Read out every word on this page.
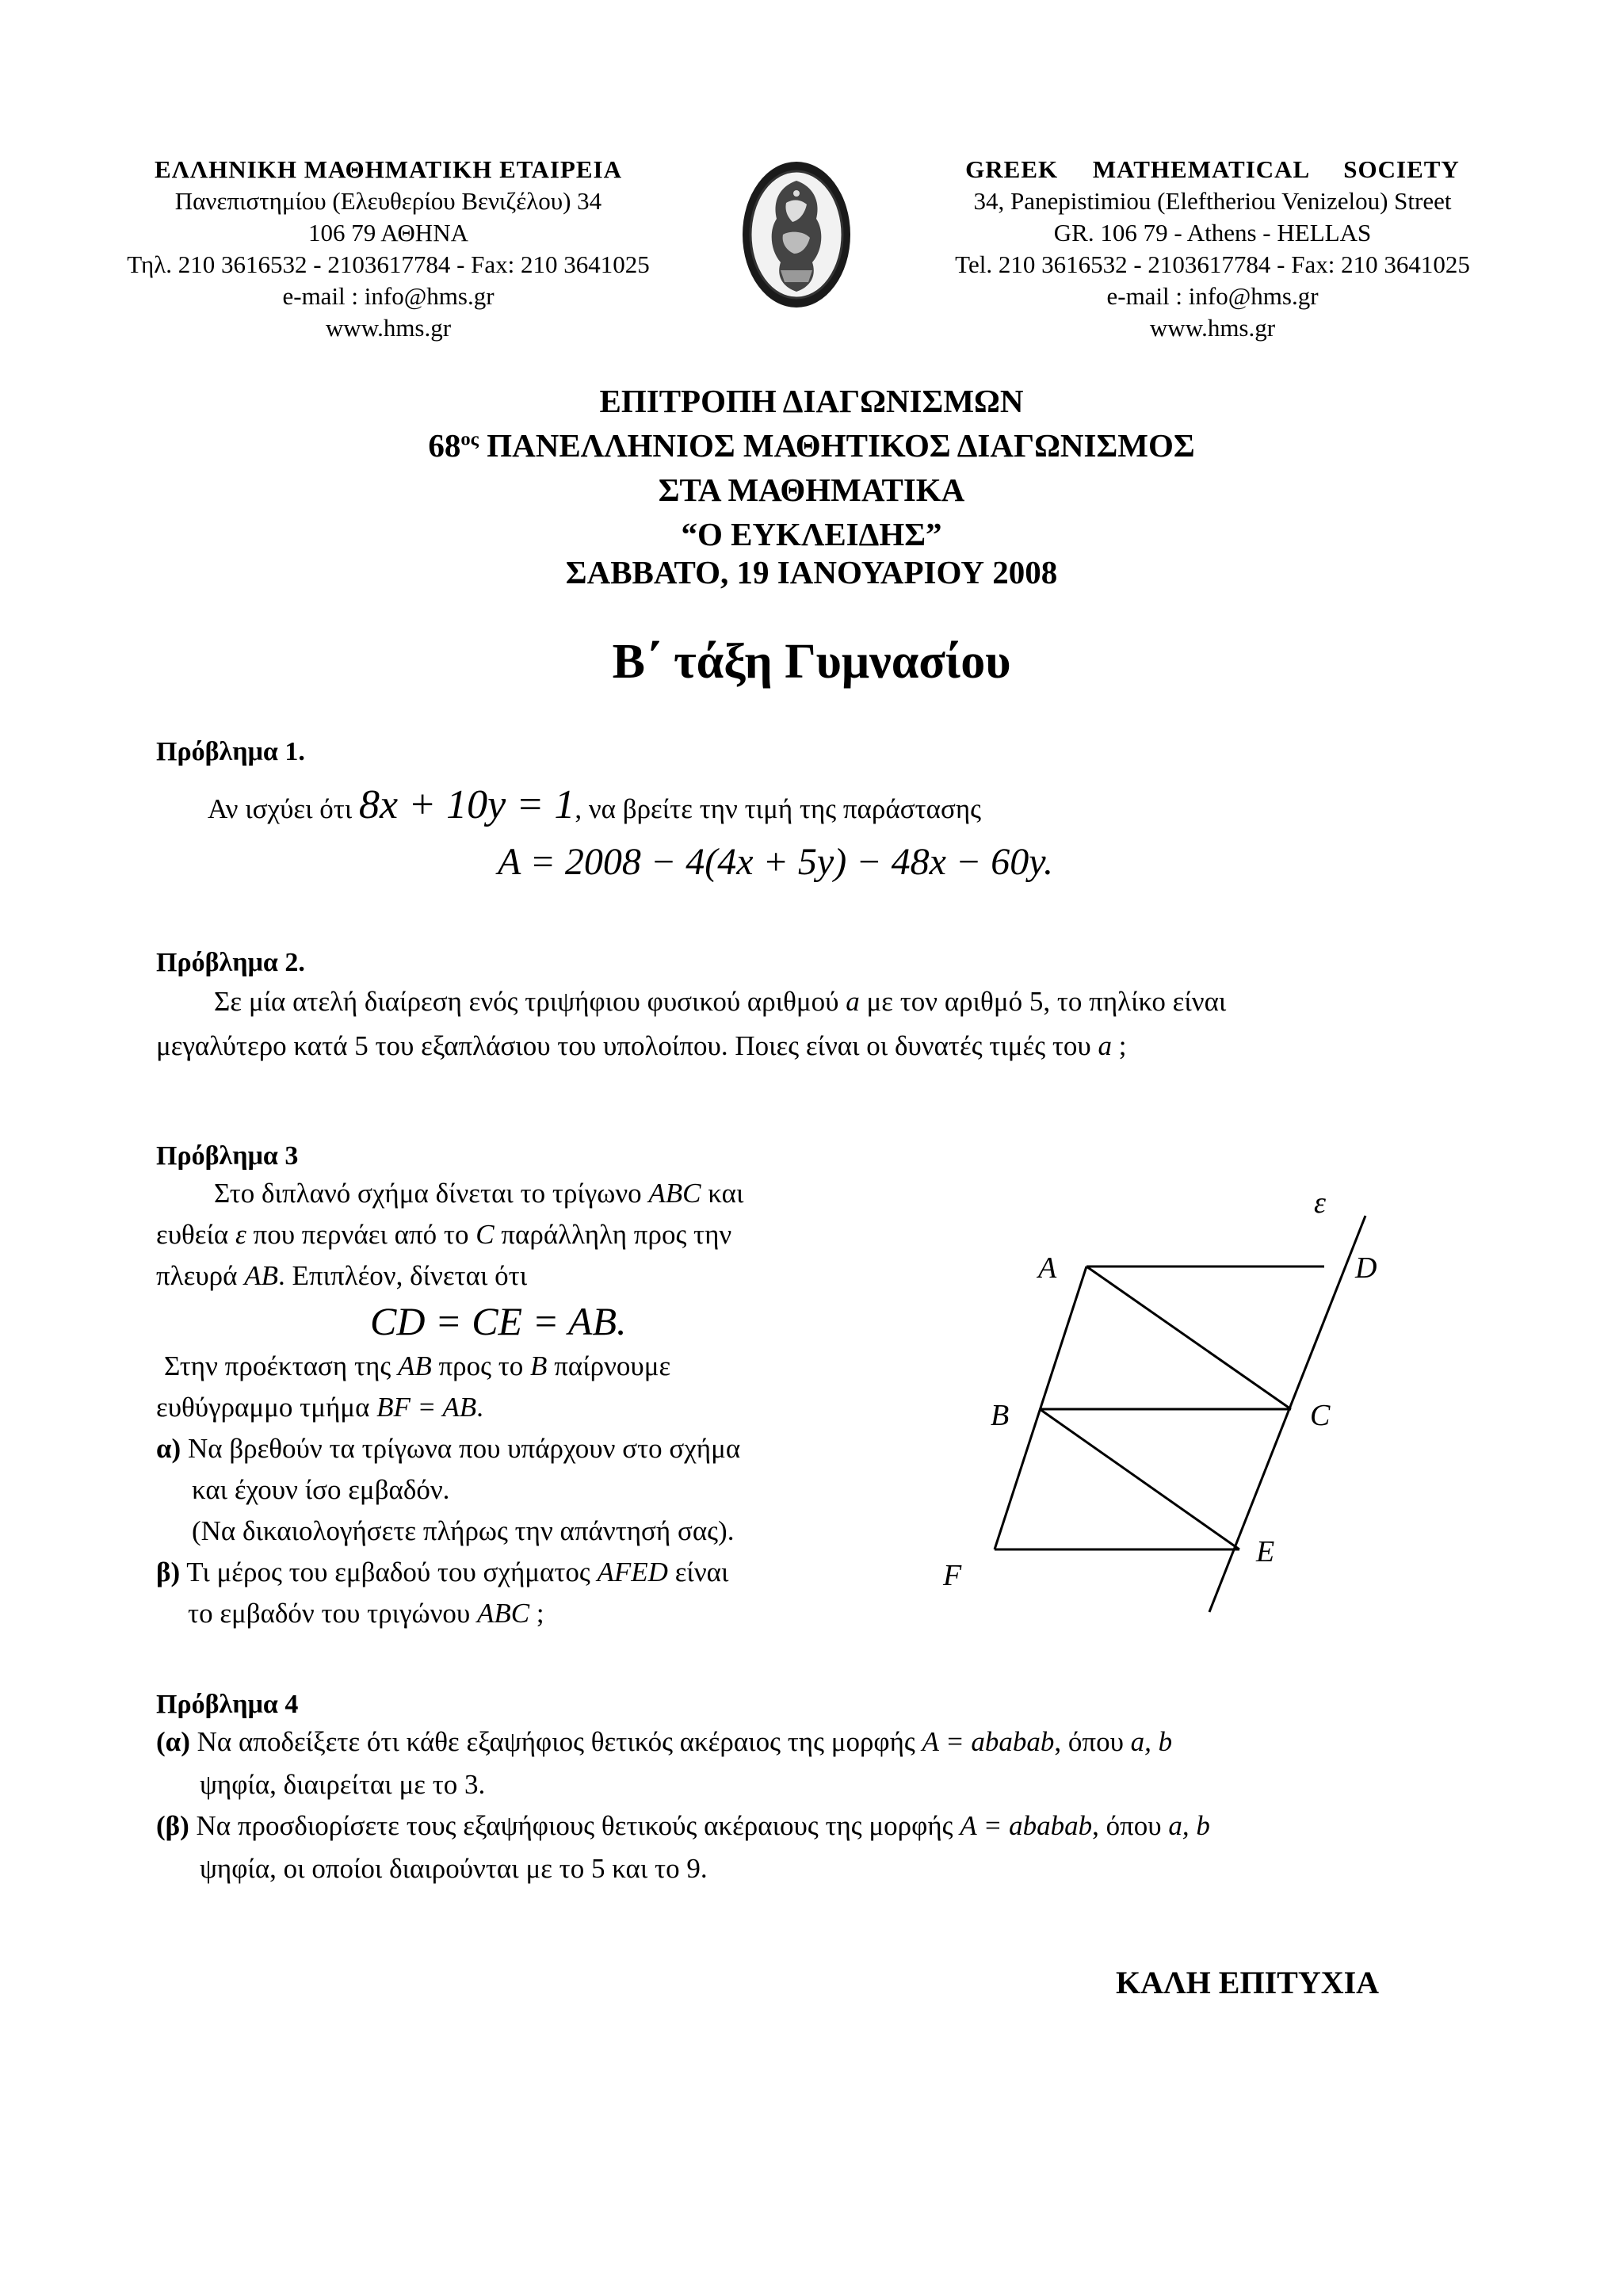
ΕΛΛΗΝΙΚΗ ΜΑΘΗΜΑΤΙΚΗ ΕΤΑΙΡΕΙΑ
Πανεπιστημίου (Ελευθερίου Βενιζέλου) 34
106 79 ΑΘΗΝΑ
Τηλ. 210 3616532 - 2103617784 - Fax: 210 3641025
e-mail : info@hms.gr
www.hms.gr
GREEK     MATHEMATICAL     SOCIETY
34, Panepistimiou (Εleftheriou Venizelou) Street
GR. 106 79 - Athens - HELLAS
Tel. 210 3616532 - 2103617784 - Fax: 210 3641025
e-mail : info@hms.gr
www.hms.gr
ΕΠΙΤΡΟΠΗ ΔΙΑΓΩΝΙΣΜΩΝ
$68^{o\varsigma}$ ΠΑΝΕΛΛΗΝΙΟΣ ΜΑΘΗΤΙΚΟΣ ΔΙΑΓΩΝΙΣΜΟΣ
ΣΤΑ ΜΑΘΗΜΑΤΙΚΑ
“Ο ΕΥΚΛΕΙΔΗΣ”
ΣΑΒΒΑΤΟ, 19 ΙΑΝΟΥΑΡΙΟΥ 2008
Β΄ τάξη Γυμνασίου
Πρόβλημα 1.
Αν ισχύει ότι 8x + 10y = 1, να βρείτε την τιμή της παράστασης
Α = 2008 − 4(4x + 5y) − 48x − 60y.
Πρόβλημα 2.
Σε μία ατελή διαίρεση ενός τριψήφιου φυσικού αριθμού a με τον αριθμό 5, το πηλίκο είναι
μεγαλύτερο κατά 5 του εξαπλάσιου του υπολοίπου. Ποιες είναι οι δυνατές τιμές του a ;
Πρόβλημα 3
Στο διπλανό σχήμα δίνεται το τρίγωνο ABC και
ευθεία ε που περνάει από το C παράλληλη προς την
πλευρά AB. Επιπλέον, δίνεται ότι
CD = CE = AB.
Στην προέκταση της AB προς το B παίρνουμε
ευθύγραμμο τμήμα BF = AB.
α) Να βρεθούν τα τρίγωνα που υπάρχουν στο σχήμα
και έχουν ίσο εμβαδόν.
(Να δικαιολογήσετε πλήρως την απάντησή σας).
β) Τι μέρος του εμβαδού του σχήματος AFED είναι
το εμβαδόν του τριγώνου ABC ;
ε
A	D
B	C
E
F
Πρόβλημα 4
(α) Να αποδείξετε ότι κάθε εξαψήφιος θετικός ακέραιος της μορφής Α = ababab, όπου a, b
ψηφία, διαιρείται με το 3.
(β) Να προσδιορίσετε τους εξαψήφιους θετικούς ακέραιους της μορφής Α = ababab, όπου a, b
ψηφία, οι οποίοι διαιρούνται με το 5 και το 9.
ΚΑΛΗ ΕΠΙΤΥΧΙΑ
